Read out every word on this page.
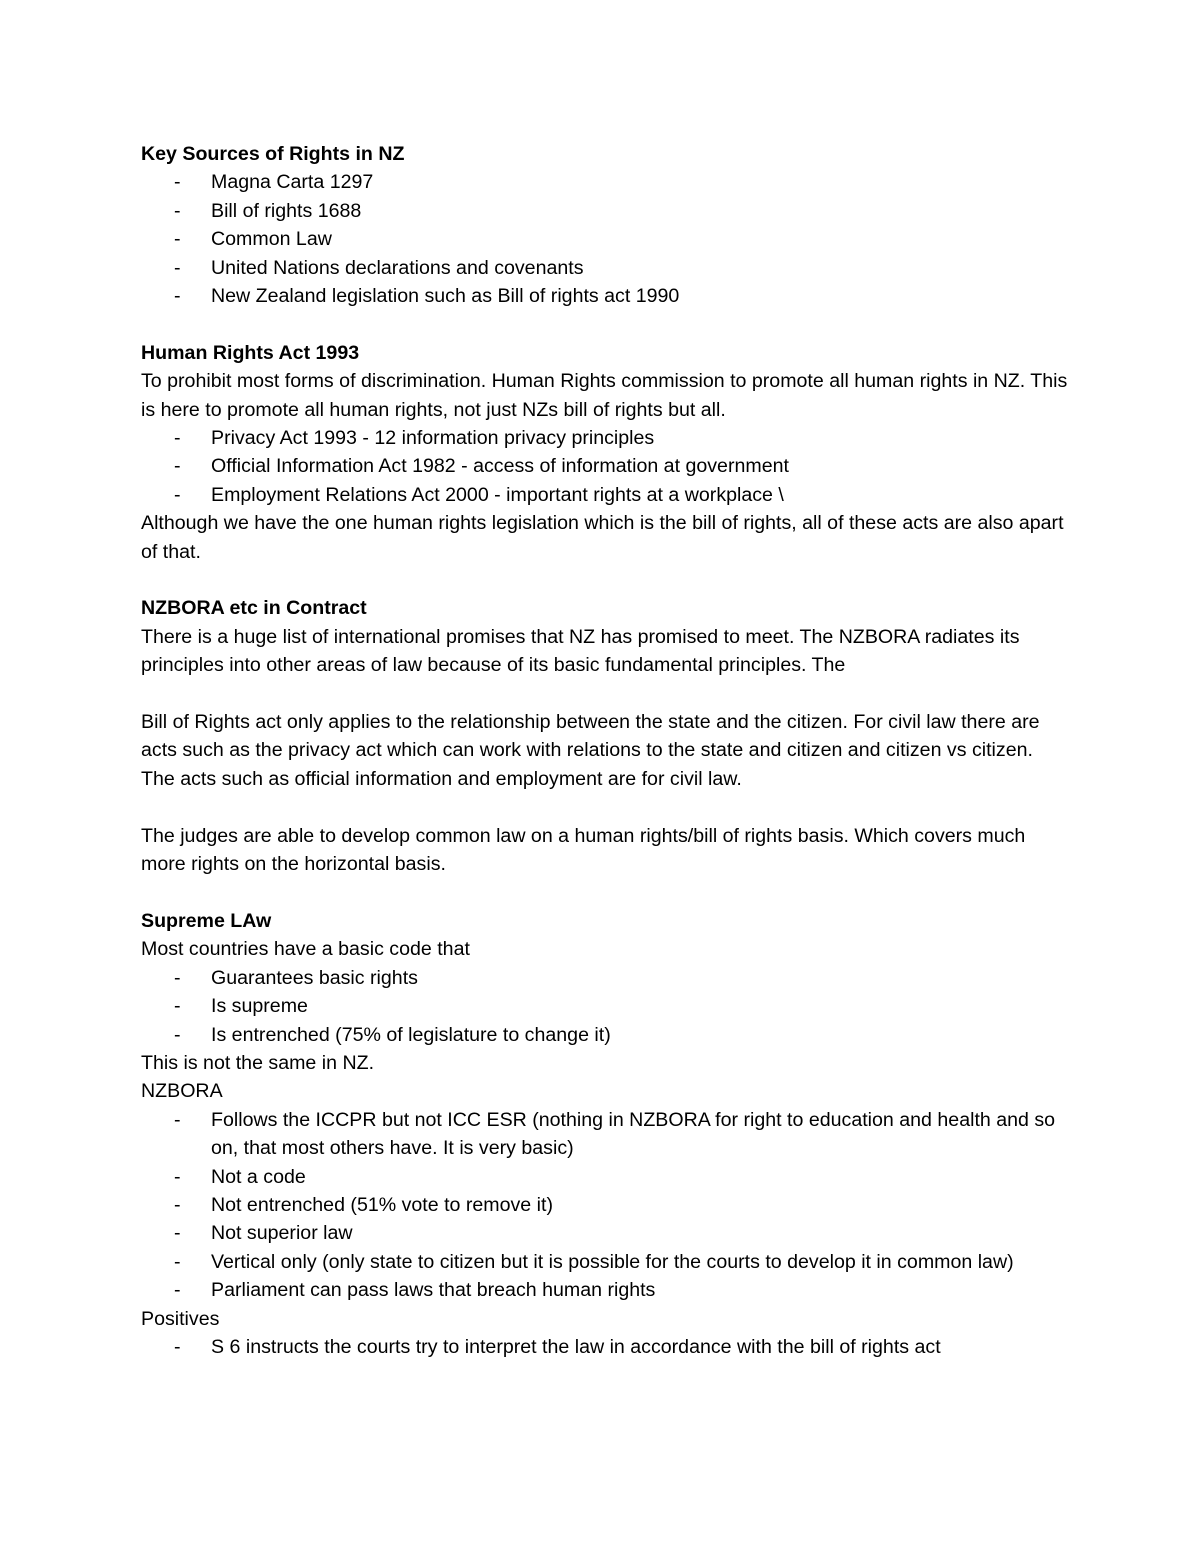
Key Sources of Rights in NZ

- Magna Carta 1297
- Bill of rights 1688
- Common Law
- United Nations declarations and covenants
- New Zealand legislation such as Bill of rights act 1990

Human Rights Act 1993

To prohibit most forms of discrimination. Human Rights commission to promote all human rights in NZ. This is here to promote all human rights, not just NZs bill of rights but all.

- Privacy Act 1993 - 12 information privacy principles
- Official Information Act 1982 - access of information at government
- Employment Relations Act 2000 - important rights at a workplace \

Although we have the one human rights legislation which is the bill of rights, all of these acts are also apart of that.

NZBORA etc in Contract

There is a huge list of international promises that NZ has promised to meet. The NZBORA radiates its principles into other areas of law because of its basic fundamental principles. The

Bill of Rights act only applies to the relationship between the state and the citizen. For civil law there are acts such as the privacy act which can work with relations to the state and citizen and citizen vs citizen. The acts such as official information and employment are for civil law.

The judges are able to develop common law on a human rights/bill of rights basis. Which covers much more rights on the horizontal basis.

Supreme LAw

Most countries have a basic code that

- Guarantees basic rights
- Is supreme
- Is entrenched (75% of legislature to change it)

This is not the same in NZ.

NZBORA

- Follows the ICCPR but not ICC ESR (nothing in NZBORA for right to education and health and so on, that most others have. It is very basic)
- Not a code
- Not entrenched (51% vote to remove it)
- Not superior law
- Vertical only (only state to citizen but it is possible for the courts to develop it in common law)
- Parliament can pass laws that breach human rights

Positives

- S 6 instructs the courts try to interpret the law in accordance with the bill of rights act
